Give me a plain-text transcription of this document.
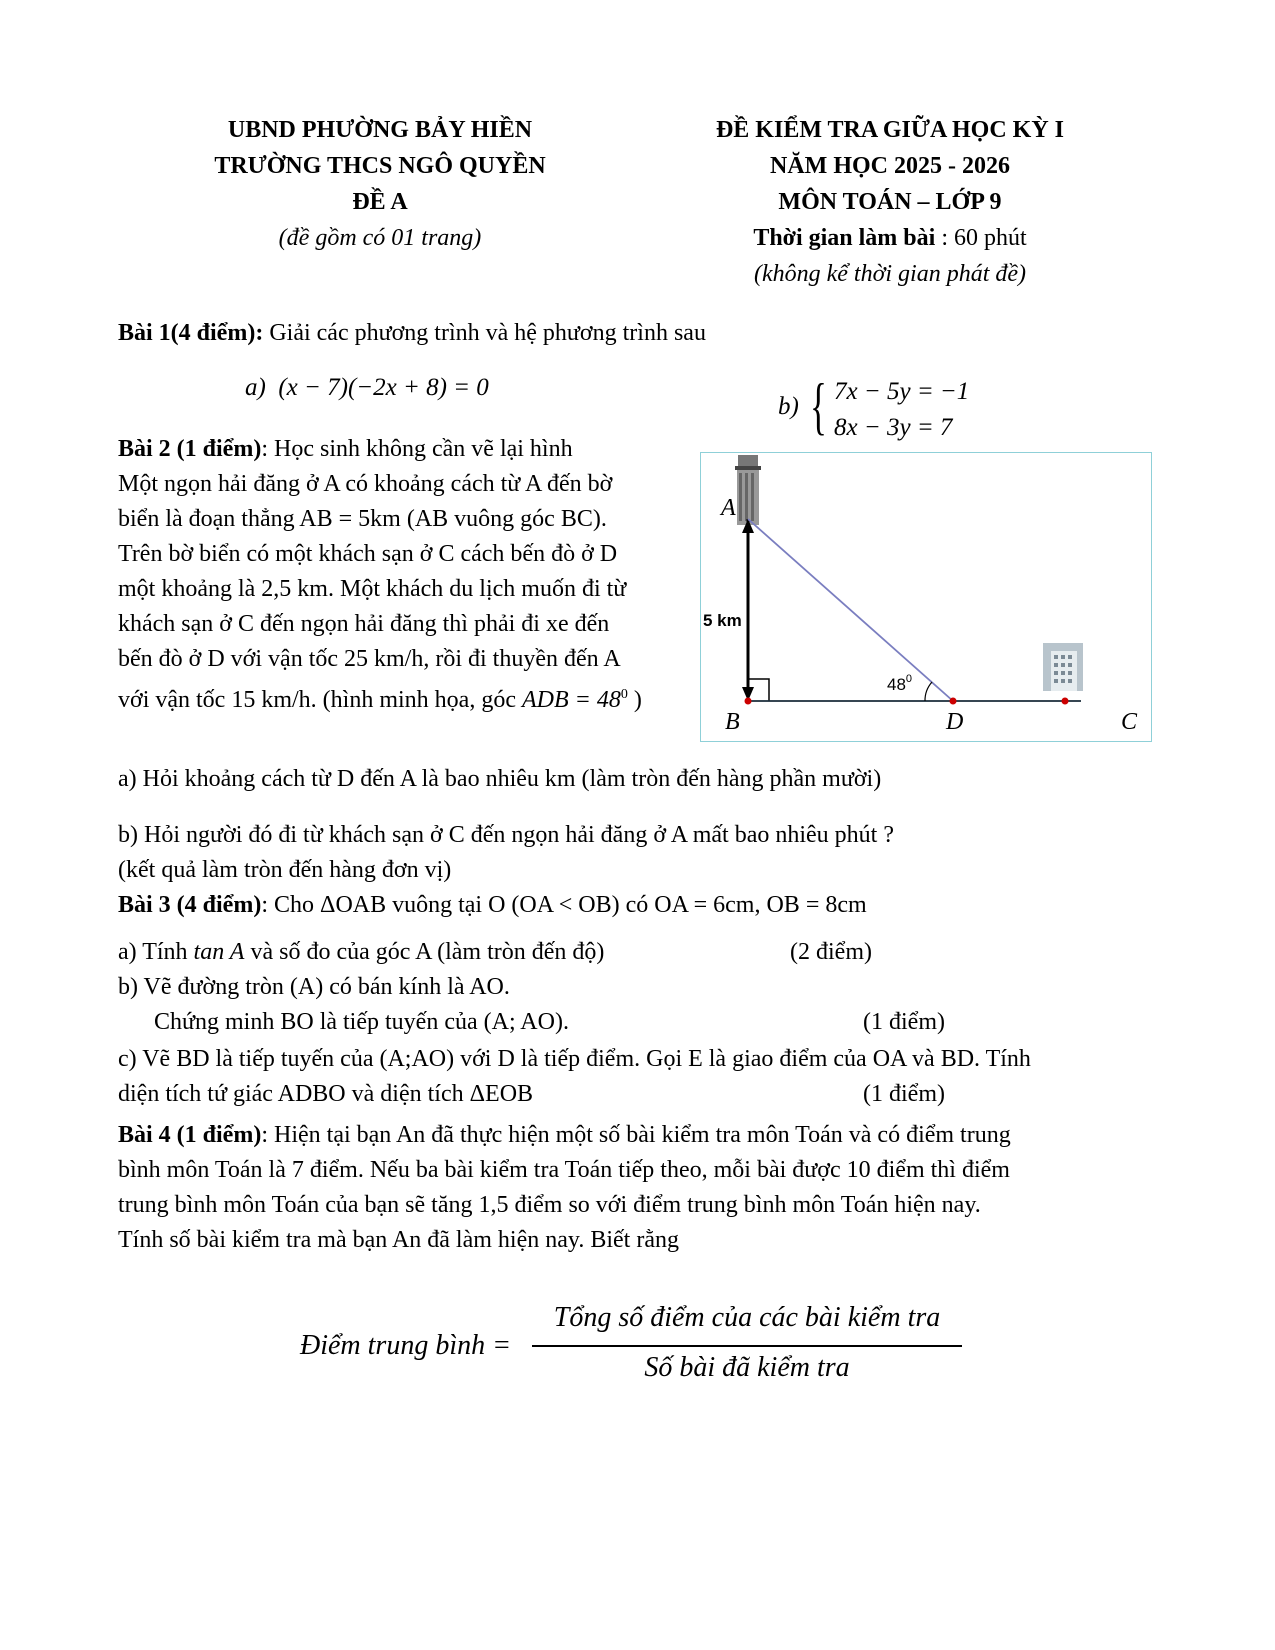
UBND PHƯỜNG BẢY HIỀN
TRƯỜNG THCS NGÔ QUYỀN
ĐỀ A
(đề gồm có 01 trang)
ĐỀ KIỂM TRA GIỮA HỌC KỲ I
NĂM HỌC 2025 - 2026
MÔN TOÁN – LỚP 9
Thời gian làm bài : 60 phút
(không kể thời gian phát đề)
Bài 1(4 điểm): Giải các phương trình và hệ phương trình sau
a) (x − 7)(−2x + 8) = 0
b) { 7x − 5y = −1
8x − 3y = 7
Bài 2 (1 điểm): Học sinh không cần vẽ lại hình
Một ngọn hải đăng ở A có khoảng cách từ A đến bờ
biển là đoạn thẳng AB = 5km (AB vuông góc BC).
Trên bờ biển có một khách sạn ở C cách bến đò ở D
một khoảng là 2,5 km. Một khách du lịch muốn đi từ
khách sạn ở C đến ngọn hải đăng thì phải đi xe đến
bến đò ở D với vận tốc 25 km/h, rồi đi thuyền đến A
với vận tốc 15 km/h. (hình minh họa, góc ADB = $48^0$ )
A
B	D	C
5 km
$48^0$
a) Hỏi khoảng cách từ D đến A là bao nhiêu km (làm tròn đến hàng phần mười)
b) Hỏi người đó đi từ khách sạn ở C đến ngọn hải đăng ở A mất bao nhiêu phút ?
(kết quả làm tròn đến hàng đơn vị)
Bài 3 (4 điểm): Cho ΔOAB vuông tại O (OA < OB) có OA = 6cm, OB = 8cm
a) Tính tan A và số đo của góc A (làm tròn đến độ)	(2 điểm)
b) Vẽ đường tròn (A) có bán kính là AO.
Chứng minh BO là tiếp tuyến của (A; AO).	(1 điểm)
c) Vẽ BD là tiếp tuyến của (A;AO) với D là tiếp điểm. Gọi E là giao điểm của OA và BD. Tính
diện tích tứ giác ADBO và diện tích ΔEOB	(1 điểm)
Bài 4 (1 điểm): Hiện tại bạn An đã thực hiện một số bài kiểm tra môn Toán và có điểm trung
bình môn Toán là 7 điểm. Nếu ba bài kiểm tra Toán tiếp theo, mỗi bài được 10 điểm thì điểm
trung bình môn Toán của bạn sẽ tăng 1,5 điểm so với điểm trung bình môn Toán hiện nay.
Tính số bài kiểm tra mà bạn An đã làm hiện nay. Biết rằng
Điểm trung bình =
Tổng số điểm của các bài kiểm tra
Số bài đã kiểm tra
